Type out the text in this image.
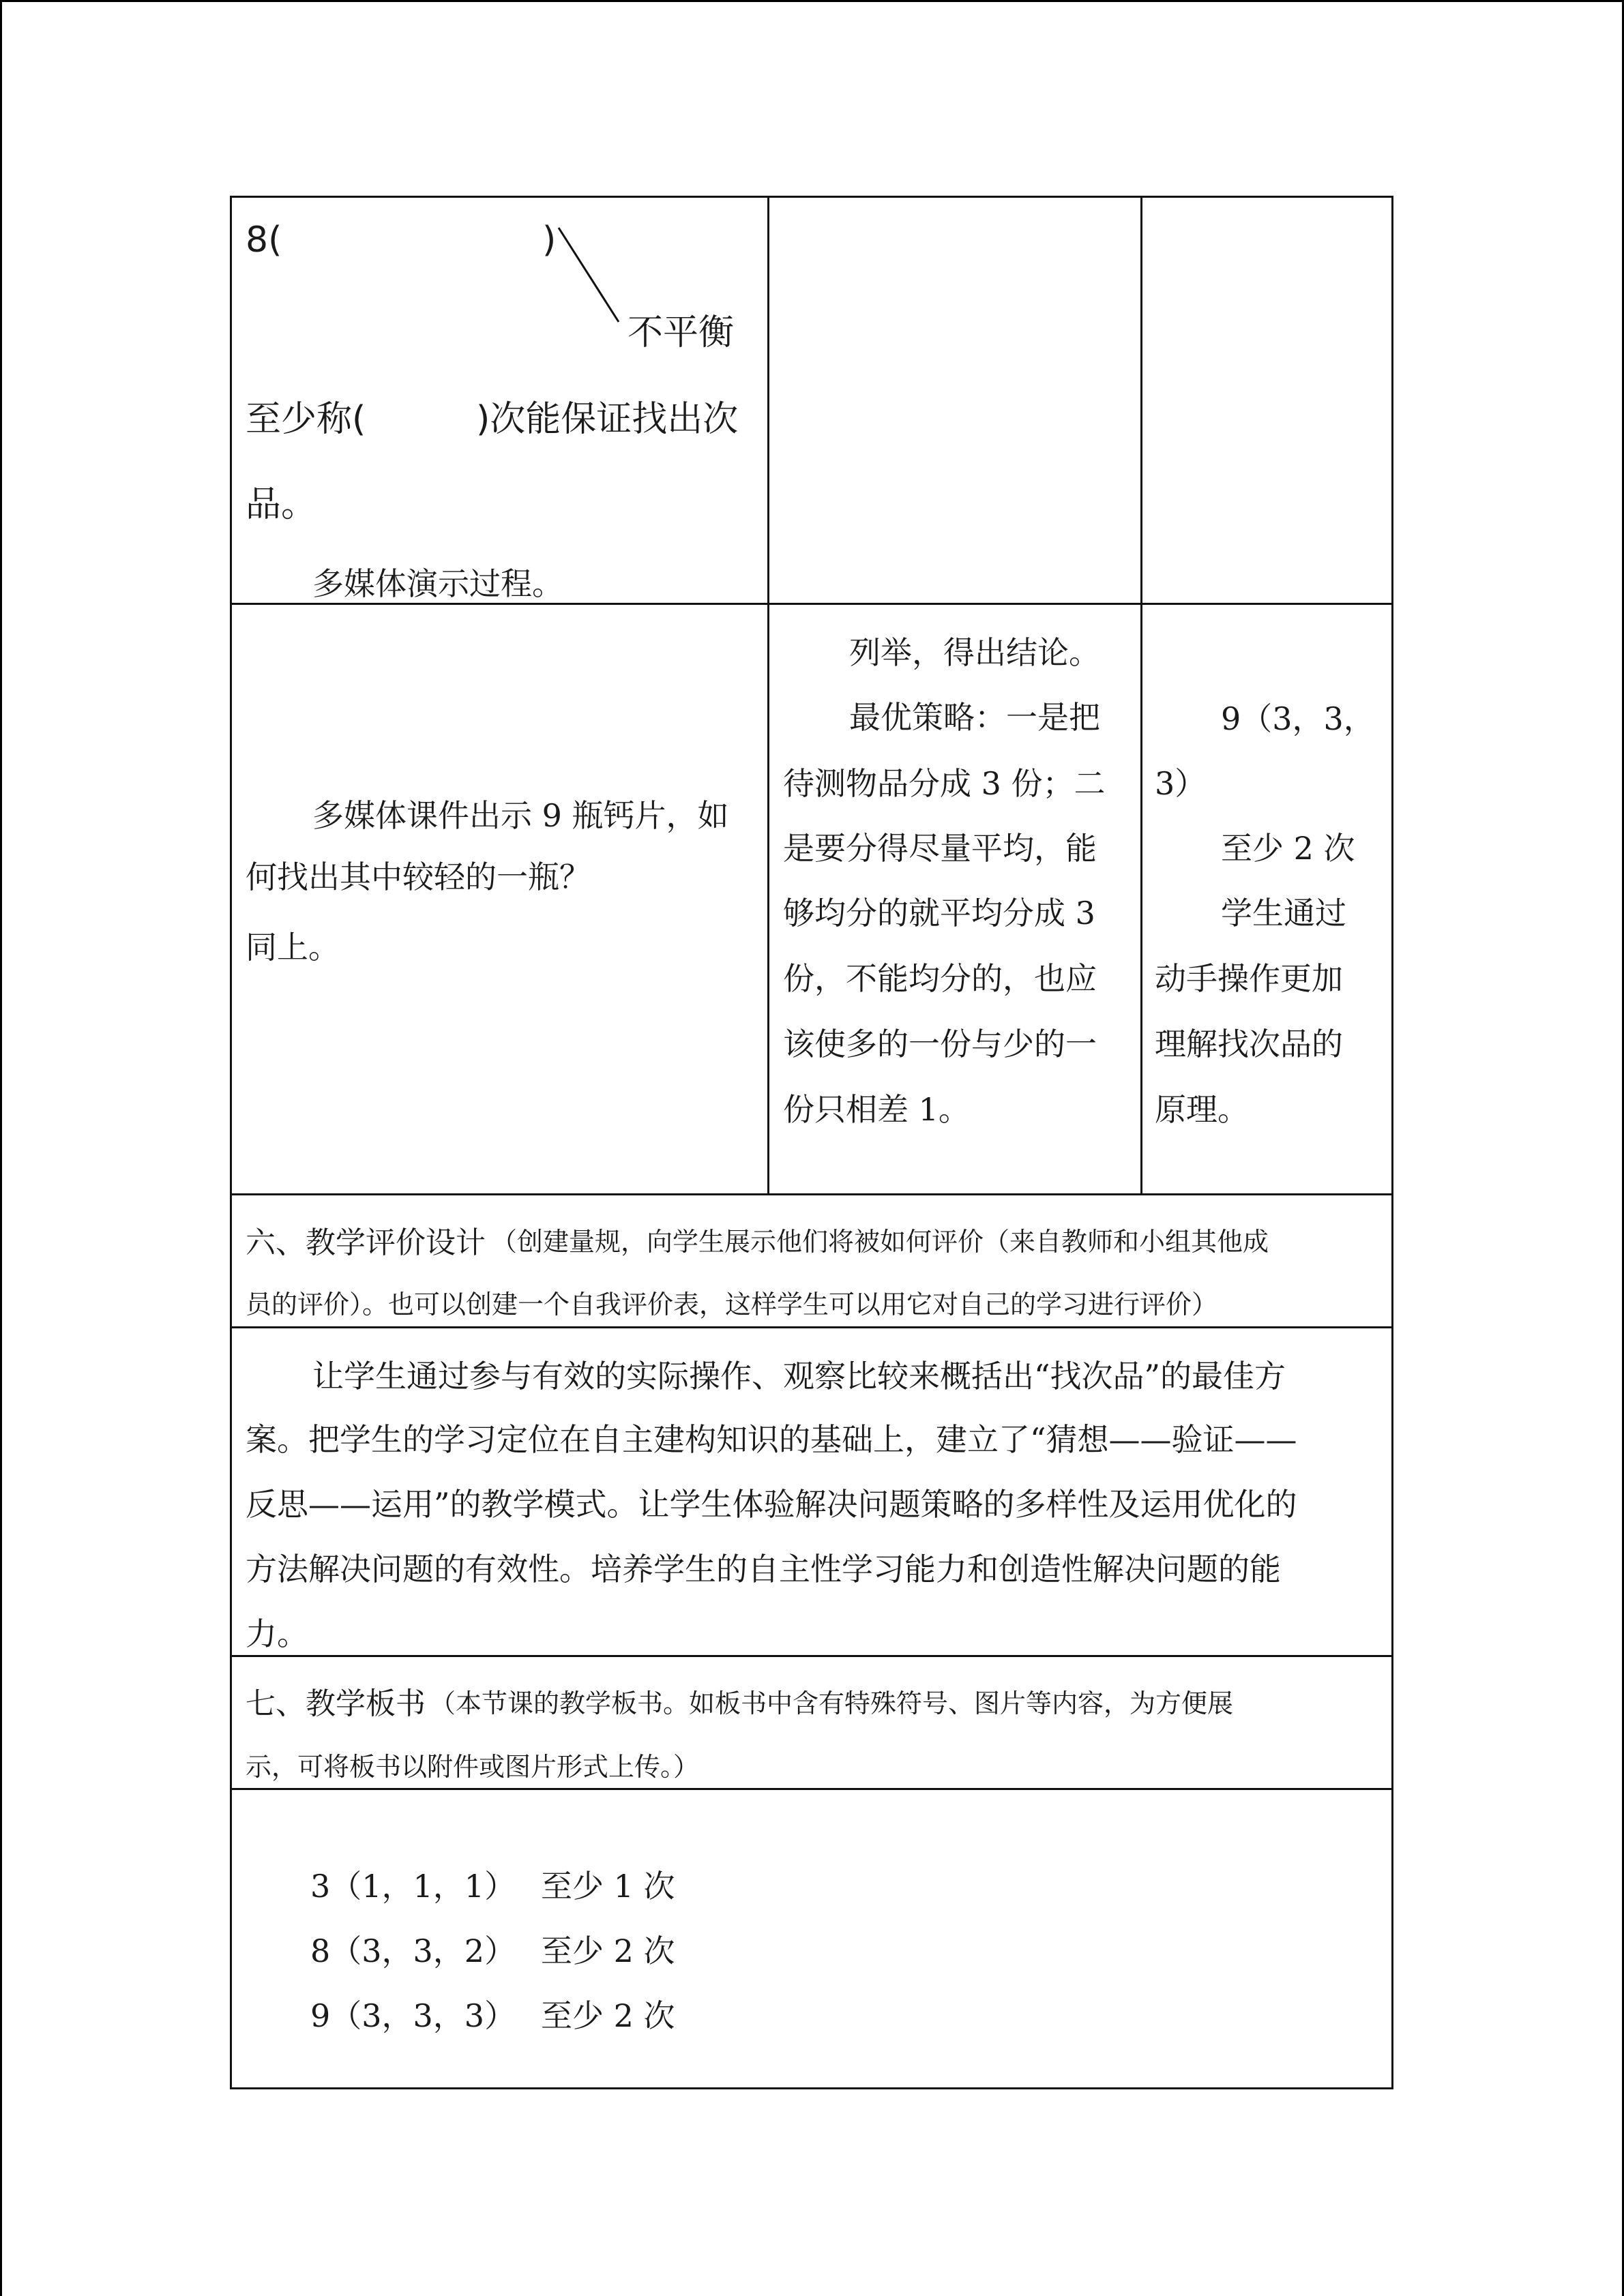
8(	)
不平衡
至少称(	)次能保证找出次
品。
多媒体演示过程。
多媒体课件出示 9 瓶钙片，如
何找出其中较轻的一瓶？
同上。
列举，得出结论。
最优策略：一是把
待测物品分成 3 份；二
是要分得尽量平均，能
够均分的就平均分成 3
份，不能均分的，也应
该使多的一份与少的一
份只相差 1。
9（3，3，
3）
至少 2 次
学生通过
动手操作更加
理解找次品的
原理。
六、教学评价设计 （创建量规，向学生展示他们将被如何评价（来自教师和小组其他成
员的评价）。也可以创建一个自我评价表，这样学生可以用它对自己的学习进行评价）
让学生通过参与有效的实际操作、观察比较来概括出“找次品”的最佳方
案。把学生的学习定位在自主建构知识的基础上，建立了“猜想——验证——
反思——运用”的教学模式。让学生体验解决问题策略的多样性及运用优化的
方法解决问题的有效性。培养学生的自主性学习能力和创造性解决问题的能
力。
七、教学板书 （本节课的教学板书。如板书中含有特殊符号、图片等内容，为方便展
示，可将板书以附件或图片形式上传。）
3（1，1，1） 至少 1 次
8（3，3，2） 至少 2 次
9（3，3，3） 至少 2 次
